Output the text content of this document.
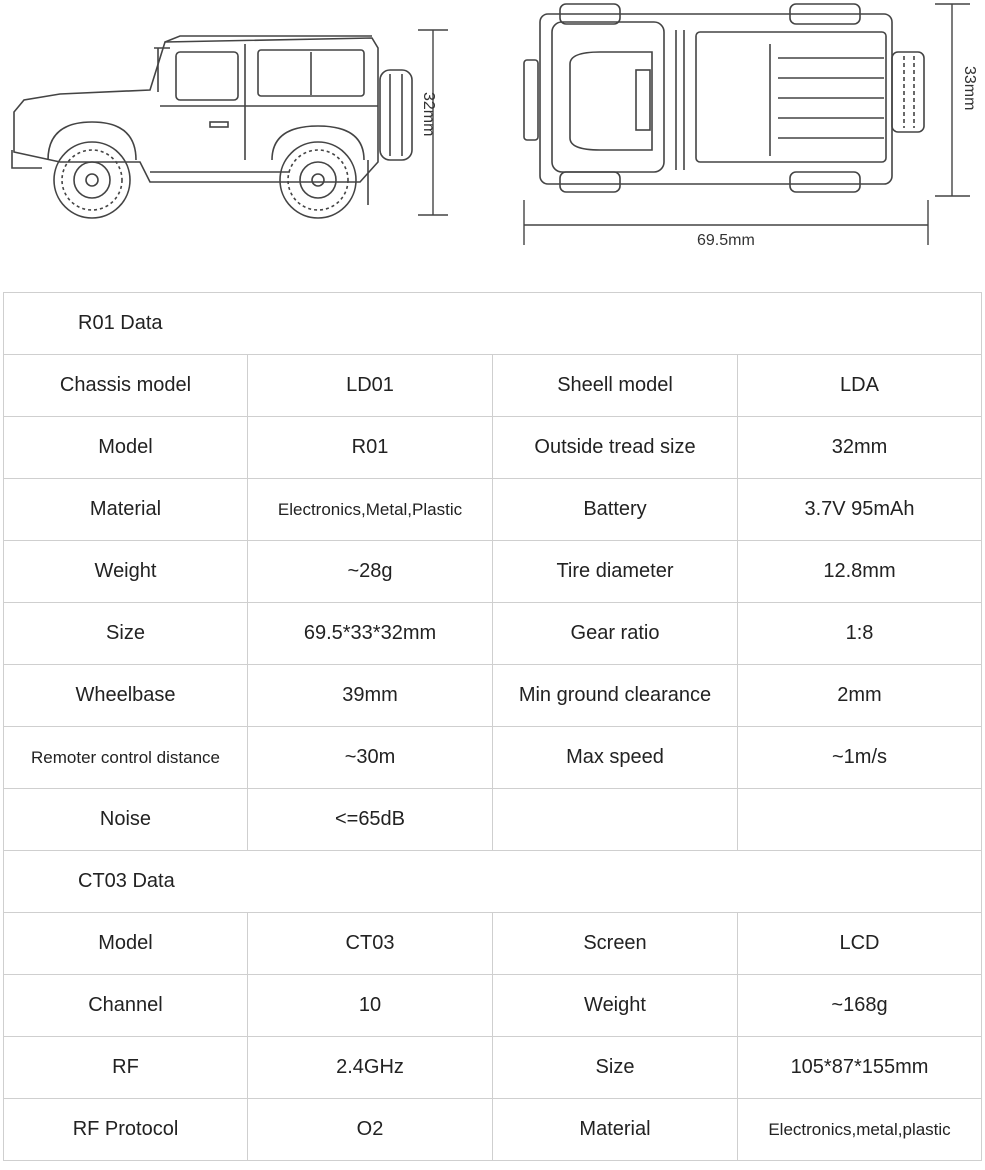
32mm
33mm
69.5mm
R01 Data			
Chassis model	LD01	Sheell model	LDA
Model	R01	Outside tread size	32mm
Material	Electronics,Metal,Plastic	Battery	3.7V 95mAh
Weight	~28g	Tire diameter	12.8mm
Size	69.5*33*32mm	Gear ratio	1:8
Wheelbase	39mm	Min ground clearance	2mm
Remoter control distance	~30m	Max speed	~1m/s
Noise	<=65dB		
CT03 Data			
Model	CT03	Screen	LCD
Channel	10	Weight	~168g
RF	2.4GHz	Size	105*87*155mm
RF Protocol	O2	Material	Electronics,metal,plastic
